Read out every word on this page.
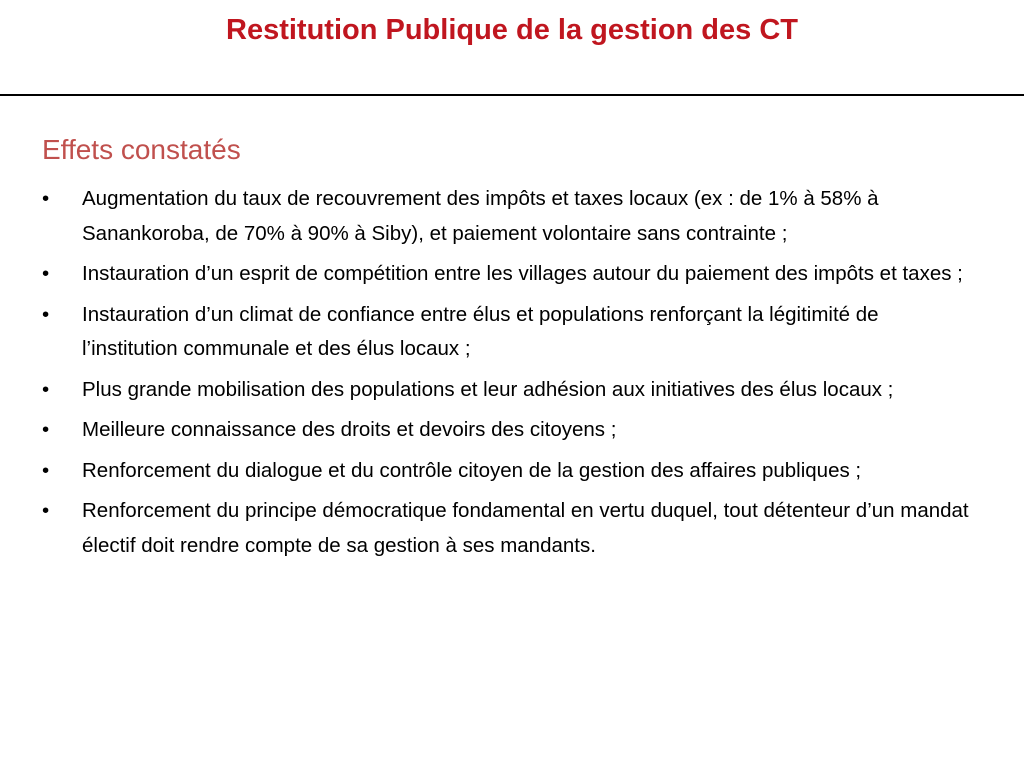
Restitution Publique de la gestion des CT
Effets constatés
•	Augmentation du taux de recouvrement des impôts et taxes locaux (ex : de 1% à 58% à Sanankoroba, de 70% à 90% à Siby), et paiement volontaire sans contrainte ;
•	Instauration d’un esprit de compétition entre les villages autour du paiement des impôts et taxes ;
•	Instauration d’un climat de confiance entre élus et populations renforçant la légitimité de l’institution communale et des élus locaux ;
•	Plus grande mobilisation des populations et leur adhésion aux initiatives des élus locaux ;
•	Meilleure connaissance des droits et devoirs des citoyens ;
•	Renforcement du dialogue et du contrôle citoyen de la gestion des affaires publiques ;
•	Renforcement du principe démocratique fondamental en vertu duquel, tout détenteur d’un mandat électif doit rendre compte de sa gestion à ses mandants.
